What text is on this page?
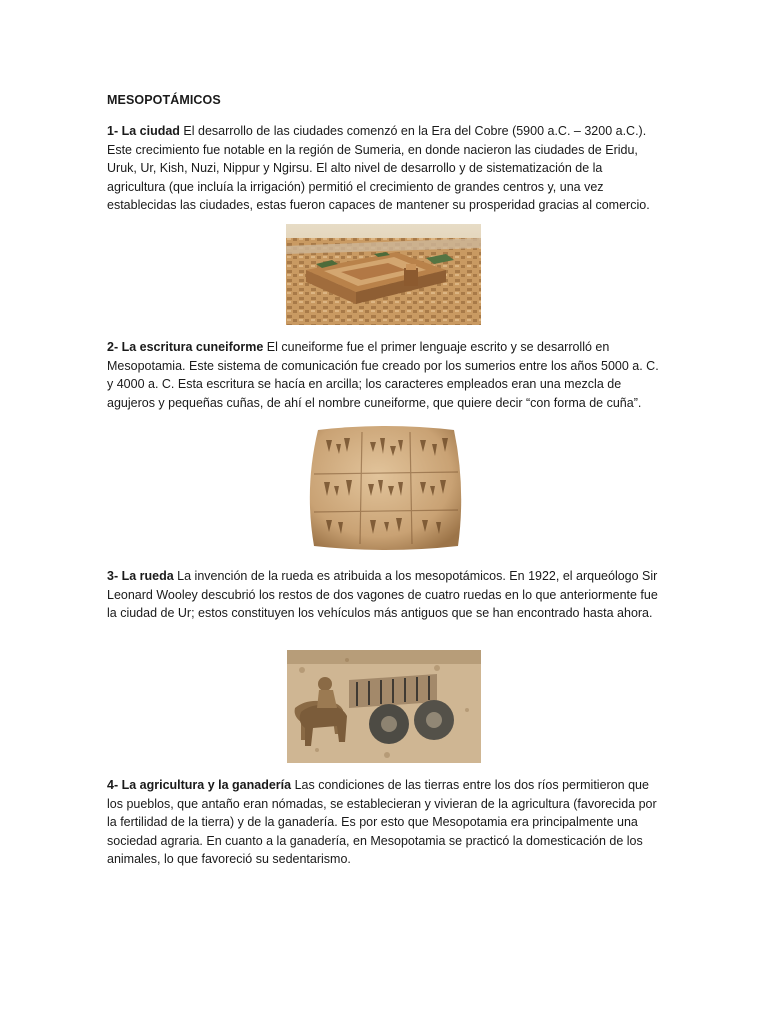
MESOPOTÁMICOS
1- La ciudad El desarrollo de las ciudades comenzó en la Era del Cobre (5900 a.C. – 3200 a.C.). Este crecimiento fue notable en la región de Sumeria, en donde nacieron las ciudades de Eridu, Uruk, Ur, Kish, Nuzi, Nippur y Ngirsu. El alto nivel de desarrollo y de sistematización de la agricultura (que incluía la irrigación) permitió el crecimiento de grandes centros y, una vez establecidas las ciudades, estas fueron capaces de mantener su prosperidad gracias al comercio.
2- La escritura cuneiforme El cuneiforme fue el primer lenguaje escrito y se desarrolló en Mesopotamia. Este sistema de comunicación fue creado por los sumerios entre los años 5000 a. C. y 4000 a. C. Esta escritura se hacía en arcilla; los caracteres empleados eran una mezcla de agujeros y pequeñas cuñas, de ahí el nombre cuneiforme, que quiere decir “con forma de cuña”.
3- La rueda La invención de la rueda es atribuida a los mesopotámicos. En 1922, el arqueólogo Sir Leonard Wooley descubrió los restos de dos vagones de cuatro ruedas en lo que anteriormente fue la ciudad de Ur; estos constituyen los vehículos más antiguos que se han encontrado hasta ahora.
4- La agricultura y la ganadería Las condiciones de las tierras entre los dos ríos permitieron que los pueblos, que antaño eran nómadas, se establecieran y vivieran de la agricultura (favorecida por la fertilidad de la tierra) y de la ganadería. Es por esto que Mesopotamia era principalmente una sociedad agraria. En cuanto a la ganadería, en Mesopotamia se practicó la domesticación de los animales, lo que favoreció su sedentarismo.
